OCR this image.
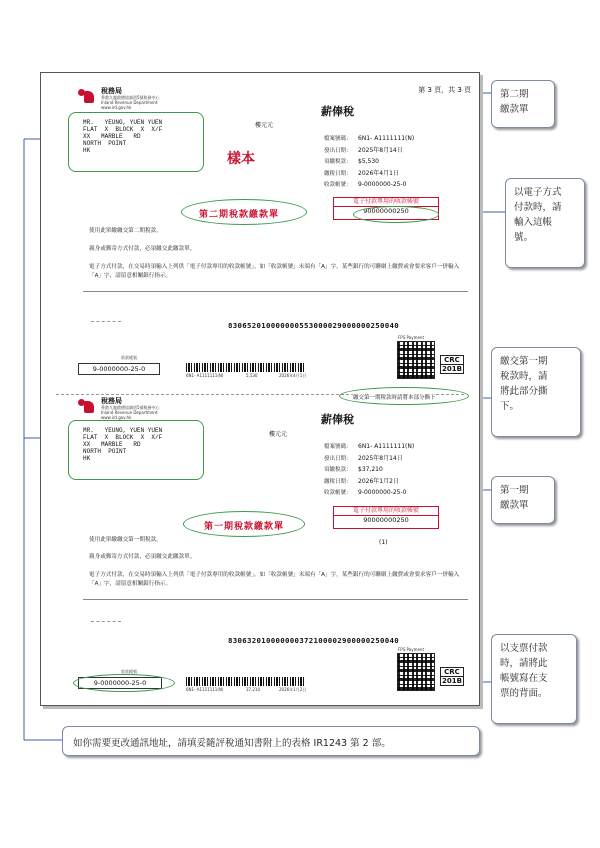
第 3 頁，共 3 頁
稅務局
香港九龍啟德協調道5號稅務中心
Inland Revenue Department
www.ird.gov.hk
MR.   YEUNG, YUEN YUEN
FLAT  X  BLOCK  X  X/F
XX   MARBLE   RD
NORTH  POINT
HK
樓元元
樣本
薪俸稅
檔案號碼： 6N1- A1111111(N)
發出日期： 2025年8月14日
須繳稅款： $5,530
繳稅日期： 2026年4月1日
收款帳號： 9-0000000-25-0
第二期稅款繳款單
電子付款專用的收款帳號
90000000250
使用此單繳繳交第二期稅款。
親身或郵寄方式付款，必須繳交此繳款單。
電子方式付款，在交易時須輸入上列供「電子付款專用的收款帳號」。如「收款帳號」末端有「A」字，某些銀行的可聯網上繳費或會要求客戶一併輸入「A」字，請留意相關銀行指示。
830652010000000553000029000000250040
收款帳號
9-0000000-25-0
6N1- A1111111(N)	5,530	2026年4月1日
FPS Payment
CRC
201B
繳交第一期稅款時請將本部分撕下
稅務局
香港九龍啟德協調道5號稅務中心
Inland Revenue Department
www.ird.gov.hk
MR.   YEUNG, YUEN YUEN
FLAT  X  BLOCK  X  X/F
XX   MARBLE   RD
NORTH  POINT
HK
樓元元
薪俸稅
檔案號碼： 6N1- A1111111(N)
發出日期： 2025年8月14日
須繳稅款： $37,210
繳稅日期： 2026年1月2日
收款帳號： 9-0000000-25-0
第一期稅款繳款單
電子付款專用的收款帳號
90000000250
(1)
使用此單繳繳交第一期稅款。
親身或郵寄方式付款，必須繳交此繳款單。
電子方式付款，在交易時須輸入上列供「電子付款專用的收款帳號」。如「收款帳號」末端有「A」字，某些銀行的可聯網上繳費或會要求客戶一併輸入「A」字，請留意相關銀行指示。
830632010000000372100002900000250040
收款帳號
9-0000000-25-0
6N1- A1111111(N)	37,210	2026年1月2日
FPS Payment
CRC
201B
第二期
繳款單
以電子方式
付款時，請
輸入這帳
號。
繳交第一期
稅款時，請
將此部分撕
下。
第一期
繳款單
以支票付款
時，請將此
帳號寫在支
票的背面。
如你需要更改通訊地址，請填妥隨評稅通知書附上的表格 IR1243 第 2 部。
